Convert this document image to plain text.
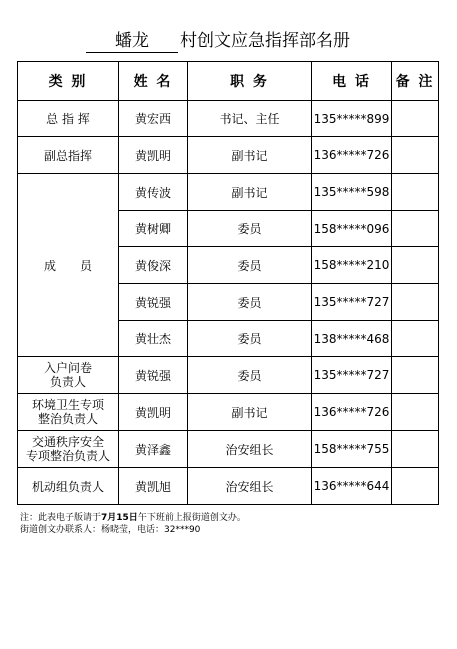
蟠龙	村创文应急指挥部名册
类 别	姓 名	职 务	电 话	备 注
总 指 挥	黄宏西	书记、主任	135*****899	
副总指挥	黄凯明	副书记	136*****726	
成　　员	黄传波	副书记	135*****598	
	黄树卿	委员	158*****096	
	黄俊深	委员	158*****210	
	黄锐强	委员	135*****727	
	黄壮杰	委员	138*****468	

入户问卷
负责人	黄锐强	委员	135*****727	

环境卫生专项
整治负责人	黄凯明	副书记	136*****726	

交通秩序安全
专项整治负责人	黄泽鑫	治安组长	158*****755	
机动组负责人	黄凯旭	治安组长	136*****644	
注：此表电子版请于7月15日午下班前上报街道创文办。
街道创文办联系人：杨晓莹，电话：32***90
